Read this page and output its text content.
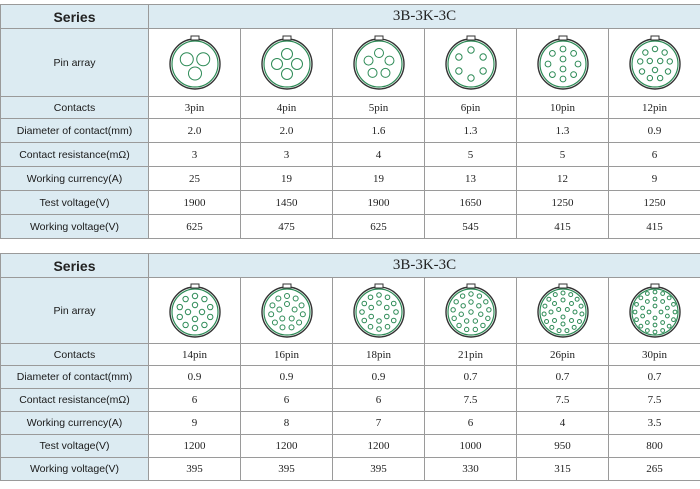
Series	3B-3K-3C					
Pin array	

Contacts	3pin	4pin	5pin	6pin	10pin	12pin
Diameter of contact(mm)	2.0	2.0	1.6	1.3	1.3	0.9
Contact resistance(mΩ)	3	3	4	5	5	6
Working currency(A)	25	19	19	13	12	9
Test voltage(V)	1900	1450	1900	1650	1250	1250
Working voltage(V)	625	475	625	545	415	415
Series	3B-3K-3C					
Pin array	

Contacts	14pin	16pin	18pin	21pin	26pin	30pin
Diameter of contact(mm)	0.9	0.9	0.9	0.7	0.7	0.7
Contact resistance(mΩ)	6	6	6	7.5	7.5	7.5
Working currency(A)	9	8	7	6	4	3.5
Test voltage(V)	1200	1200	1200	1000	950	800
Working voltage(V)	395	395	395	330	315	265
